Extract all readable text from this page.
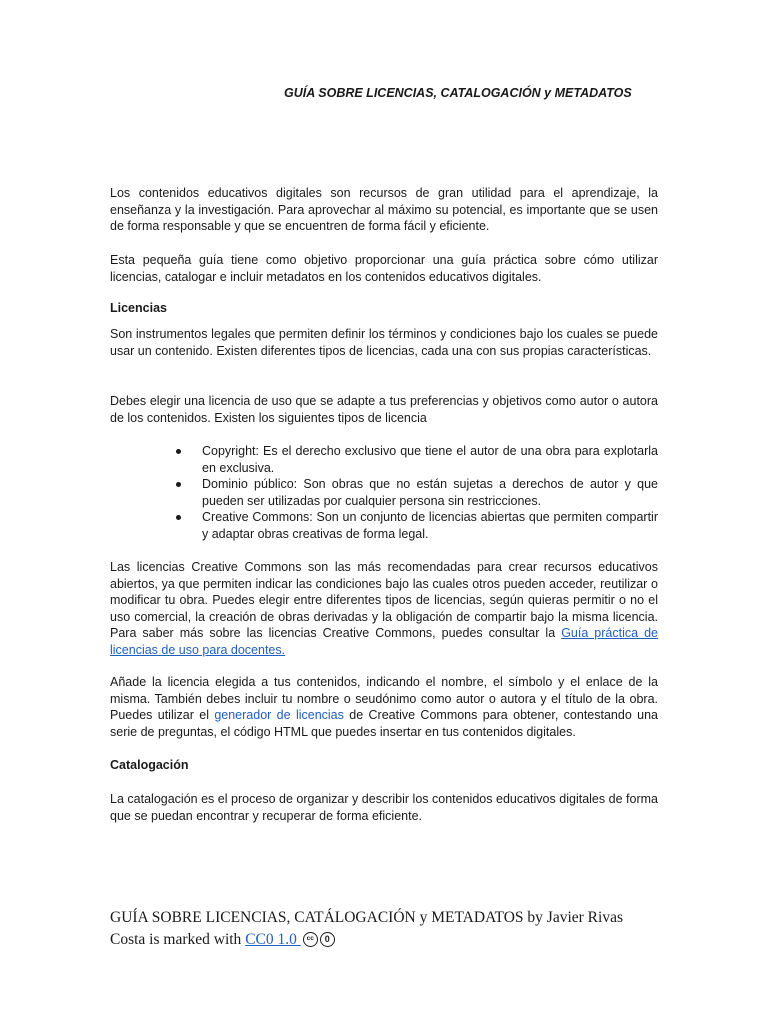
GUÍA SOBRE LICENCIAS, CATALOGACIÓN y METADATOS

Los contenidos educativos digitales son recursos de gran utilidad para el aprendizaje, la enseñanza y la investigación. Para aprovechar al máximo su potencial, es importante que se usen de forma responsable y que se encuentren de forma fácil y eficiente.

Esta pequeña guía tiene como objetivo proporcionar una guía práctica sobre cómo utilizar licencias, catalogar e incluir metadatos en los contenidos educativos digitales.

Licencias

Son instrumentos legales que permiten definir los términos y condiciones bajo los cuales se puede usar un contenido. Existen diferentes tipos de licencias, cada una con sus propias características.

Debes elegir una licencia de uso que se adapte a tus preferencias y objetivos como autor o autora de los contenidos. Existen los siguientes tipos de licencia

Copyright: Es el derecho exclusivo que tiene el autor de una obra para explotarla en exclusiva.
Dominio público: Son obras que no están sujetas a derechos de autor y que pueden ser utilizadas por cualquier persona sin restricciones.
Creative Commons: Son un conjunto de licencias abiertas que permiten compartir y adaptar obras creativas de forma legal.

Las licencias Creative Commons son las más recomendadas para crear recursos educativos abiertos, ya que permiten indicar las condiciones bajo las cuales otros pueden acceder, reutilizar o modificar tu obra. Puedes elegir entre diferentes tipos de licencias, según quieras permitir o no el uso comercial, la creación de obras derivadas y la obligación de compartir bajo la misma licencia. Para saber más sobre las licencias Creative Commons, puedes consultar la Guía práctica de licencias de uso para docentes.

Añade la licencia elegida a tus contenidos, indicando el nombre, el símbolo y el enlace de la misma. También debes incluir tu nombre o seudónimo como autor o autora y el título de la obra. Puedes utilizar el generador de licencias de Creative Commons para obtener, contestando una serie de preguntas, el código HTML que puedes insertar en tus contenidos digitales.

Catalogación

La catalogación es el proceso de organizar y describir los contenidos educativos digitales de forma que se puedan encontrar y recuperar de forma eficiente.

GUÍA SOBRE LICENCIAS, CATÁLOGACIÓN y METADATOS by Javier Rivas Costa is marked with CC0 1.0 cc	0
